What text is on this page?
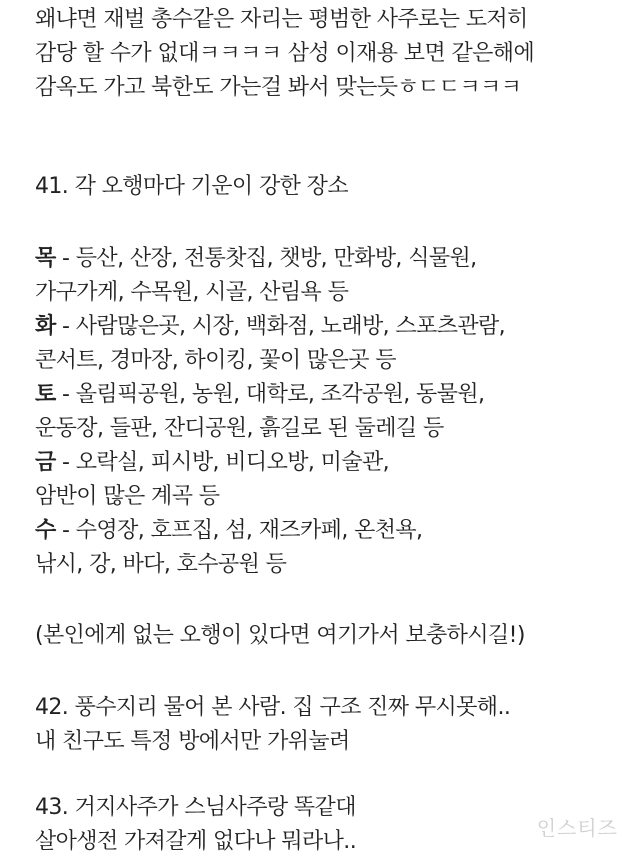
왜냐면 재벌 총수같은 자리는 평범한 사주로는 도저히
감당 할 수가 없대ㅋㅋㅋㅋ 삼성 이재용 보면 같은해에
감옥도 가고 북한도 가는걸 봐서 맞는듯ㅎㄷㄷㅋㅋㅋ
41. 각 오행마다 기운이 강한 장소
목 - 등산, 산장, 전통찻집, 챗방, 만화방, 식물원,
가구가게, 수목원, 시골, 산림욕 등
화 - 사람많은곳, 시장, 백화점, 노래방, 스포츠관람,
콘서트, 경마장, 하이킹, 꽃이 많은곳 등
토 - 올림픽공원, 농원, 대학로, 조각공원, 동물원,
운동장, 들판, 잔디공원, 흙길로 된 둘레길 등
금 - 오락실, 피시방, 비디오방, 미술관,
암반이 많은 계곡 등
수 - 수영장, 호프집, 섬, 재즈카페, 온천욕,
낚시, 강, 바다, 호수공원 등
(본인에게 없는 오행이 있다면 여기가서 보충하시길!)
42. 풍수지리 물어 본 사람. 집 구조 진짜 무시못해..
내 친구도 특정 방에서만 가위눌려
43. 거지사주가 스님사주랑 똑같대
살아생전 가져갈게 없다나 뭐라나..
인스티즈
